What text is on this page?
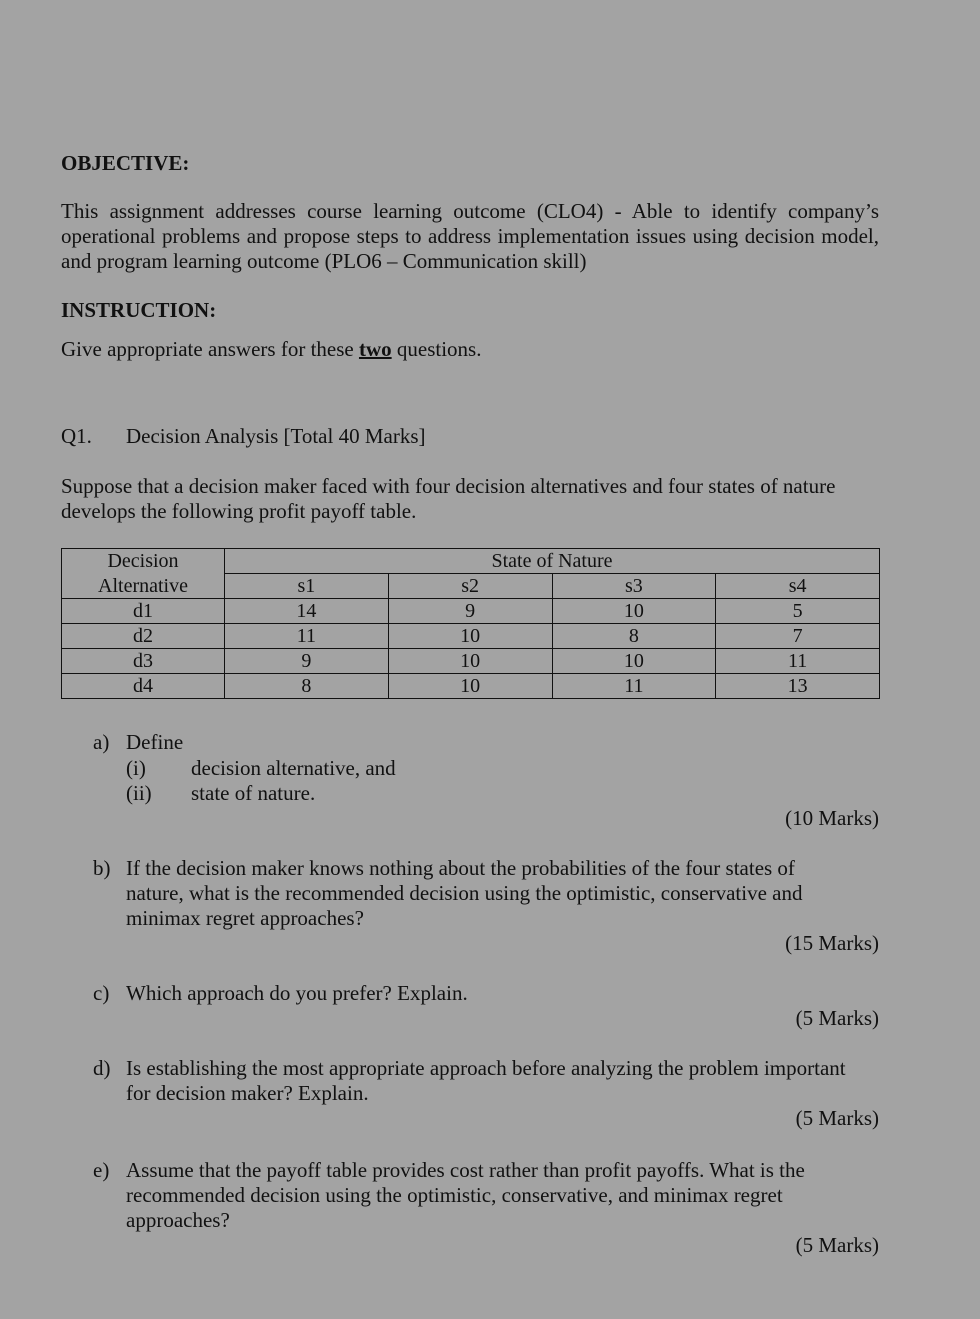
OBJECTIVE:
This assignment addresses course learning outcome (CLO4) - Able to identify company’s operational problems and propose steps to address implementation issues using decision model, and program learning outcome (PLO6 – Communication skill)
INSTRUCTION:
Give appropriate answers for these two questions.
Q1. Decision Analysis [Total 40 Marks]
Suppose that a decision maker faced with four decision alternatives and four states of nature develops the following profit payoff table.
Decision	State of Nature			
Alternative	s1	s2	s3	s4
d1	14	9	10	5
d2	11	10	8	7
d3	9	10	10	11
d4	8	10	11	13
a) Define
(i) decision alternative, and
(ii) state of nature.
(10 Marks)
b) If the decision maker knows nothing about the probabilities of the four states of
nature, what is the recommended decision using the optimistic, conservative and
minimax regret approaches?
(15 Marks)
c) Which approach do you prefer? Explain.
(5 Marks)
d) Is establishing the most appropriate approach before analyzing the problem important
for decision maker? Explain.
(5 Marks)
e) Assume that the payoff table provides cost rather than profit payoffs. What is the
recommended decision using the optimistic, conservative, and minimax regret
approaches?
(5 Marks)
